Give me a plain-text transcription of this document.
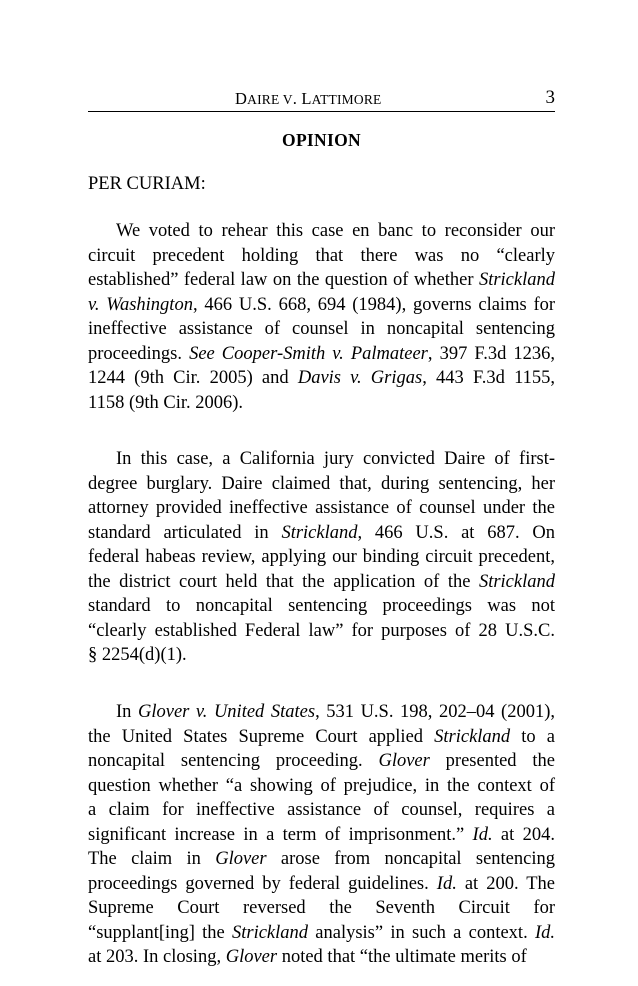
DAIRE V. LATTIMORE	3
OPINION
PER CURIAM:
We voted to rehear this case en banc to reconsider our
circuit precedent holding that there was no “clearly
established” federal law on the question of whether Strickland
v. Washington, 466 U.S. 668, 694 (1984), governs claims for
ineffective assistance of counsel in noncapital sentencing
proceedings. See Cooper-Smith v. Palmateer, 397 F.3d 1236,
1244 (9th Cir. 2005) and Davis v. Grigas, 443 F.3d 1155,
1158 (9th Cir. 2006).
In this case, a California jury convicted Daire of first-
degree burglary. Daire claimed that, during sentencing, her
attorney provided ineffective assistance of counsel under the
standard articulated in Strickland, 466 U.S. at 687. On
federal habeas review, applying our binding circuit precedent,
the district court held that the application of the Strickland
standard to noncapital sentencing proceedings was not
“clearly established Federal law” for purposes of 28 U.S.C.
§ 2254(d)(1).
In Glover v. United States, 531 U.S. 198, 202–04 (2001),
the United States Supreme Court applied Strickland to a
noncapital sentencing proceeding. Glover presented the
question whether “a showing of prejudice, in the context of
a claim for ineffective assistance of counsel, requires a
significant increase in a term of imprisonment.” Id. at 204.
The claim in Glover arose from noncapital sentencing
proceedings governed by federal guidelines. Id. at 200. The
Supreme Court reversed the Seventh Circuit for
“supplant[ing] the Strickland analysis” in such a context. Id.
at 203. In closing, Glover noted that “the ultimate merits of
